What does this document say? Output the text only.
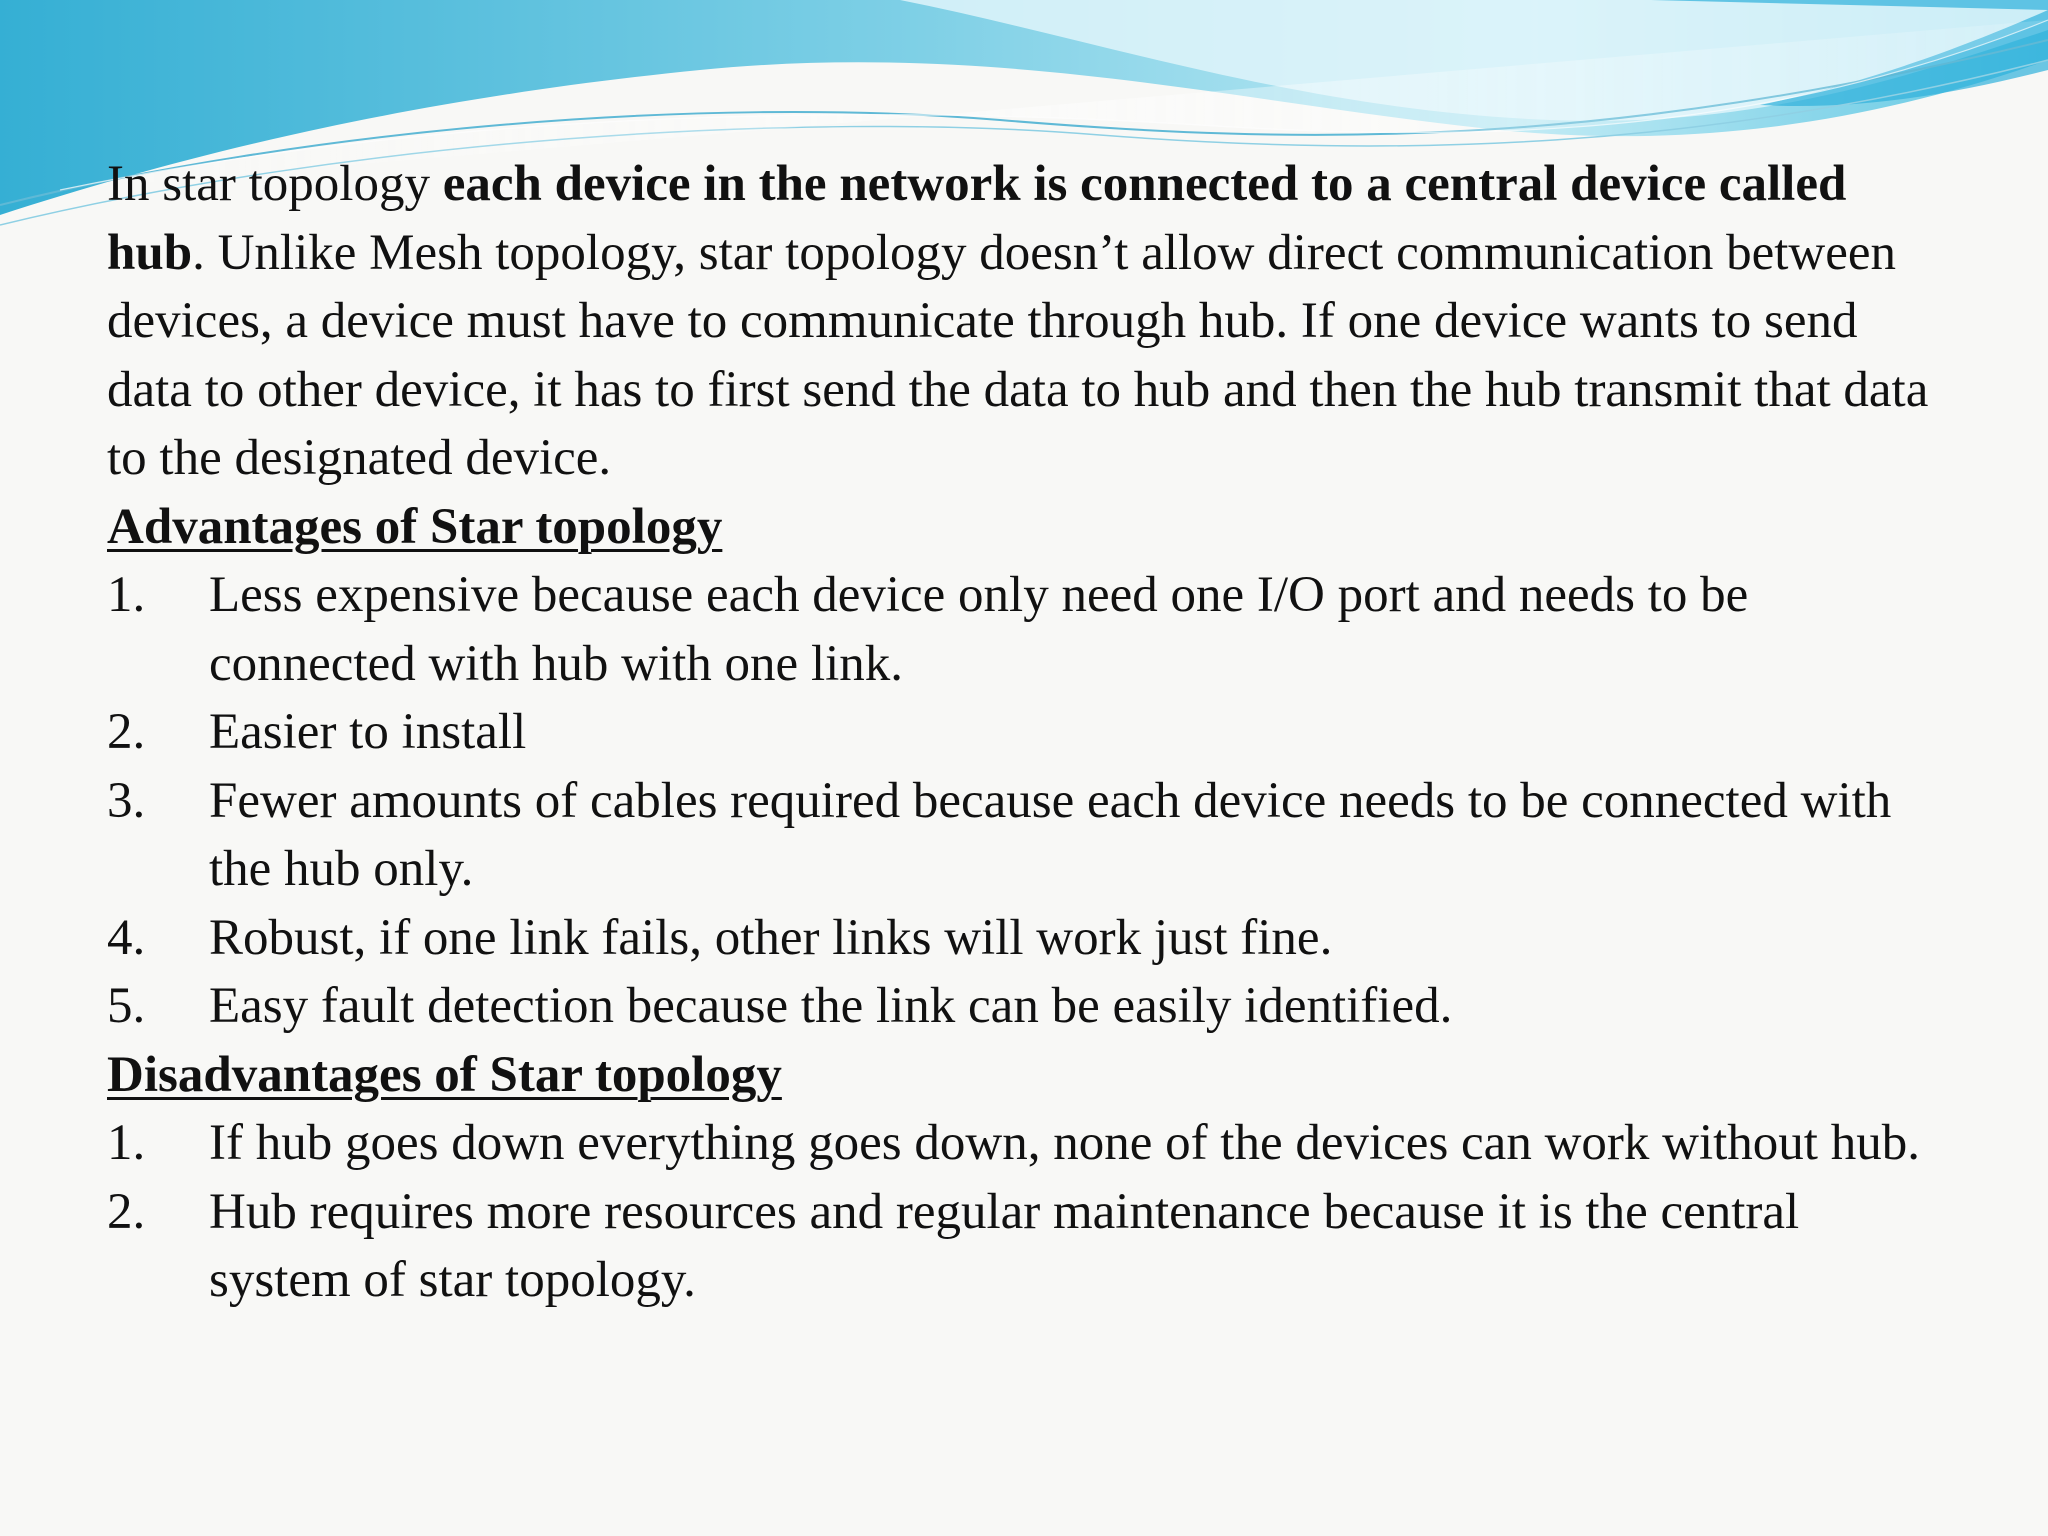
In star topology each device in the network is connected to a central device called hub. Unlike Mesh topology, star topology doesn’t allow direct communication between devices, a device must have to communicate through hub. If one device wants to send data to other device, it has to first send the data to hub and then the hub transmit that data to the designated device.

Advantages of Star topology

1. Less expensive because each device only need one I/O port and needs to be connected with hub with one link.
2. Easier to install
3. Fewer amounts of cables required because each device needs to be connected with the hub only.
4. Robust, if one link fails, other links will work just fine.
5. Easy fault detection because the link can be easily identified.

Disadvantages of Star topology

1. If hub goes down everything goes down, none of the devices can work without hub.
2. Hub requires more resources and regular maintenance because it is the central system of star topology.
